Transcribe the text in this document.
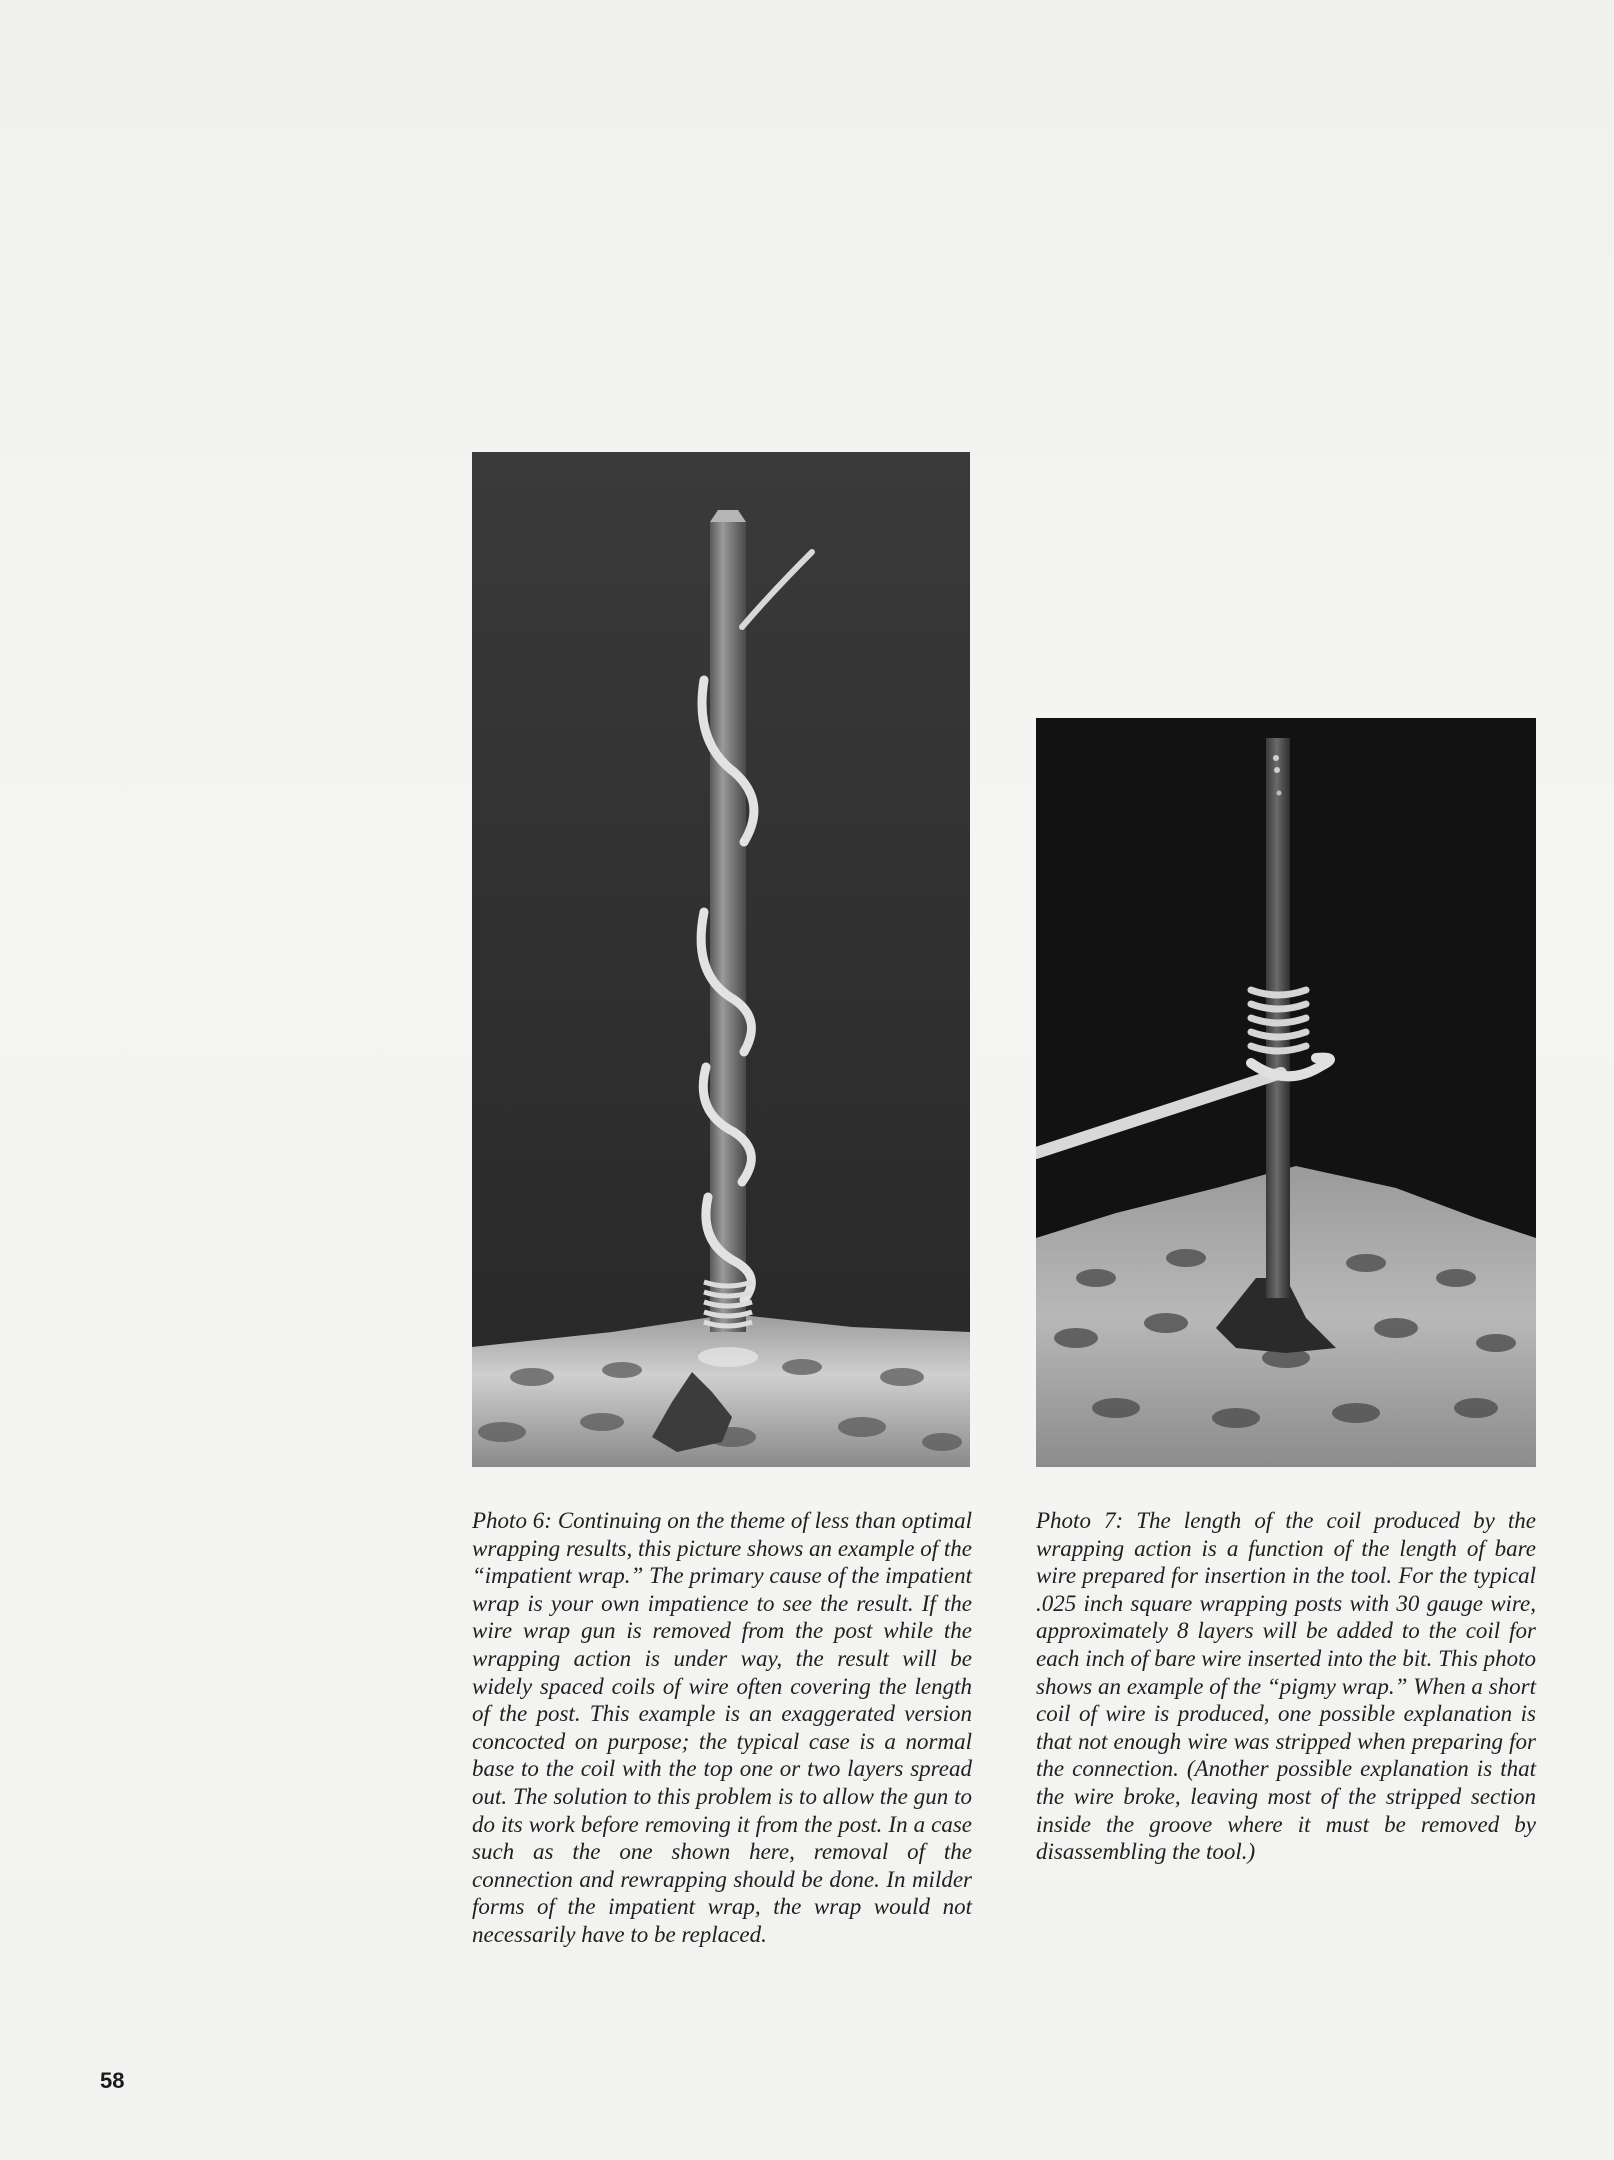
Photo 6: Continuing on the theme of less than optimal wrapping results, this picture shows an example of the “impatient wrap.” The primary cause of the impatient wrap is your own impatience to see the result. If the wire wrap gun is removed from the post while the wrapping action is under way, the result will be widely spaced coils of wire often covering the length of the post. This example is an exaggerated version concocted on purpose; the typical case is a normal base to the coil with the top one or two layers spread out. The solution to this problem is to allow the gun to do its work before removing it from the post. In a case such as the one shown here, removal of the connection and rewrapping should be done. In milder forms of the impatient wrap, the wrap would not necessarily have to be replaced.

Photo 7: The length of the coil produced by the wrapping action is a function of the length of bare wire prepared for insertion in the tool. For the typical .025 inch square wrapping posts with 30 gauge wire, approximately 8 layers will be added to the coil for each inch of bare wire inserted into the bit. This photo shows an example of the “pigmy wrap.” When a short coil of wire is produced, one possible explanation is that not enough wire was stripped when preparing for the connection. (Another possible explanation is that the wire broke, leaving most of the stripped section inside the groove where it must be removed by disassembling the tool.)

58
